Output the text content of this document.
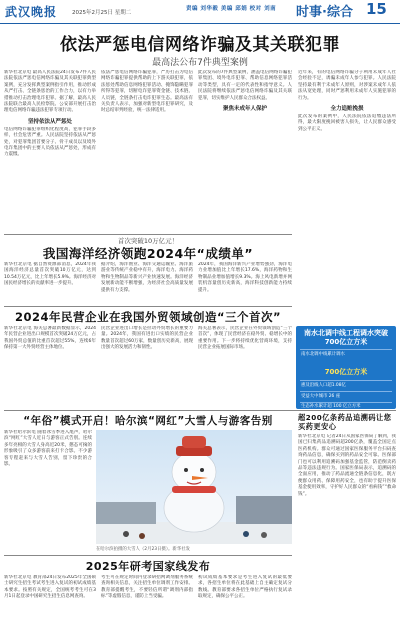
武汉晚报	2025年2月25日 星期二
责编 刘华毅 美编 邱娟 校对 刘南 时事·综合 15
依法严惩电信网络诈骗及其关联犯罪
最高法公布7件典型案例
新华社北京电 最高人民法院24日发布7件人民法院依法严惩电信网络诈骗及其关联犯罪典型案例，充分发挥典型案例指引作用，推动形成从严打击、全链条惩治的工作合力，以有力举措推动打击治理电诈犯罪。据了解，最高人民法院联合最高人民检察院、公安部开展打击治理电信网络诈骗违法犯罪专项行动。
坚持依法从严惩处
电信网络诈骗犯罪组织化程度高，犯罪手段多样，社会危害严重。人民法院坚持依法从严惩处，对犯罪集团首要分子、骨干成员以及境外电诈集团中的主要人员依法从严惩处，形成有力震慑。
依法严惩电信网络诈骗犯罪，严厉打击为电信网络诈骗犯罪提供帮助的上下游关联犯罪，依法惩处帮助信息网络犯罪活动、掩饰隐瞒犯罪所得等犯罪，切断电诈犯罪资金链、技术链、人员链，全链条打击电诈犯罪生态。最高法有关负责人表示，加强对新型电诈犯罪研究，及时总结审判经验，统一法律适用。
此次发布的7件典型案例，涵盖电信网络诈骗犯罪集团、境外电诈犯罪、帮助信息网络犯罪活动等类型，具有一定的代表性和指导意义。人民法院将继续依法严惩电信网络诈骗及其关联犯罪，切实维护人民群众合法权益。
聚焦未成年人保护
近年来，有的电信网络诈骗分子利用未成年人社会经验不足，诱骗未成年人参与犯罪。人民法院坚持最有利于未成年人原则，对涉案未成年人依法从宽处理，同时严惩利用未成年人实施犯罪的行为。
全力追赃挽损
此次发布的案例中，人民法院依法追缴违法所得，最大限度挽回被害人损失，让人民群众感受到公平正义。
首次突破10万亿元！
我国海洋经济领跑2024年“成绩单”
新华社北京电 据自然资源部消息，2024年我国海洋经济总量首次突破10万亿元，达到10.54万亿元，比上年增长5.9%。海洋经济对国民经济增长的贡献率进一步提升。
据介绍，海洋渔业、海洋交通运输业、海洋旅游业等传统产业稳中有升，海洋电力、海洋药物和生物制品等新兴产业快速发展。海洋经济发展新动能不断增强，为经济社会高质量发展提供有力支撑。
2024年，我国海洋新兴产业增势强劲，海洋电力业增加值比上年增长17.6%，海洋药物和生物制品业增加值增长9.3%。海上风电新增并网装机容量创历史新高，海洋科技创新能力持续提升。
2024年民营企业在我国外贸领域创造“三个首次”
新华社北京电 海关总署最新数据显示，2024年民营企业进出口规模首次突破24万亿元，占我国外贸总值的比重首次超过55%，连续6年保持第一大外贸经营主体地位。
民营企业进出口增长是拉动外贸增长的重要力量。2024年，我国有进出口实绩的民营企业数量首次超过60万家，数量创历史新高，展现出强大的发展活力和韧性。
海关总署表示，民营企业在外贸领域创造“三个首次”，体现了民营经济在稳外贸、稳增长中的重要作用。下一步将持续优化营商环境，支持民营企业拓展国际市场。
南水北调中线工程调水突破700亿立方米
南水北调中线累计调水
700亿立方米
惠及沿线人口超1.08亿
受益大中城市 26 座
生态补水累计超 100 亿立方米
“年俗”模式开启！哈尔滨“网红”大雪人与游客告别
新华社哈尔滨电 随着冰雪季进入尾声，哈尔滨“网红”大雪人近日与游客正式告别。连续多年亮相的大雪人身高近20米，憨态可掬的形象吸引了众多游客前来打卡合影。不少游客专程赶来与大雪人告别，留下珍贵的合影。
在哈尔滨拍摄的大雪人（2月23日摄）。新华社发
超200亿条药品追溯码让您买药更安心
新华社北京电 记者24日从国家医保局了解到，我国已归集药品追溯码超200亿条，覆盖全国定点医药机构。群众可通过国家医保服务平台扫码查询药品信息，确保买到的药品安全可靠。医保部门也可以利用追溯码加强基金监管，防范倒卖药品等违法违规行为。国家医保局表示，追溯码的全面应用，推动了药品流通全链条信息化，既方便群众用药、保障用药安全，也有助于提升医保基金使用效率，守护好人民群众的“看病钱”“救命钱”。
2025年研考国家线发布
新华社北京电 教育部24日发布2025年全国硕士研究生招生考试考生进入复试的初试成绩基本要求。按照有关规定，全国统考考生可在3月1日起登录中国研究生招生信息网查询。
考生可在规定时间内登录研招网调剂服务系统查询相关信息，关注招生单位调剂工作安排。教育部提醒考生，不要轻信所谓“调剂内部指标”等虚假信息，谨防上当受骗。
初试成绩基本要求是考生进入复试的最低要求，各招生单位将在此基础上自主确定复试分数线。教育部要求各招生单位严格执行复试录取规定，确保公平公正。
